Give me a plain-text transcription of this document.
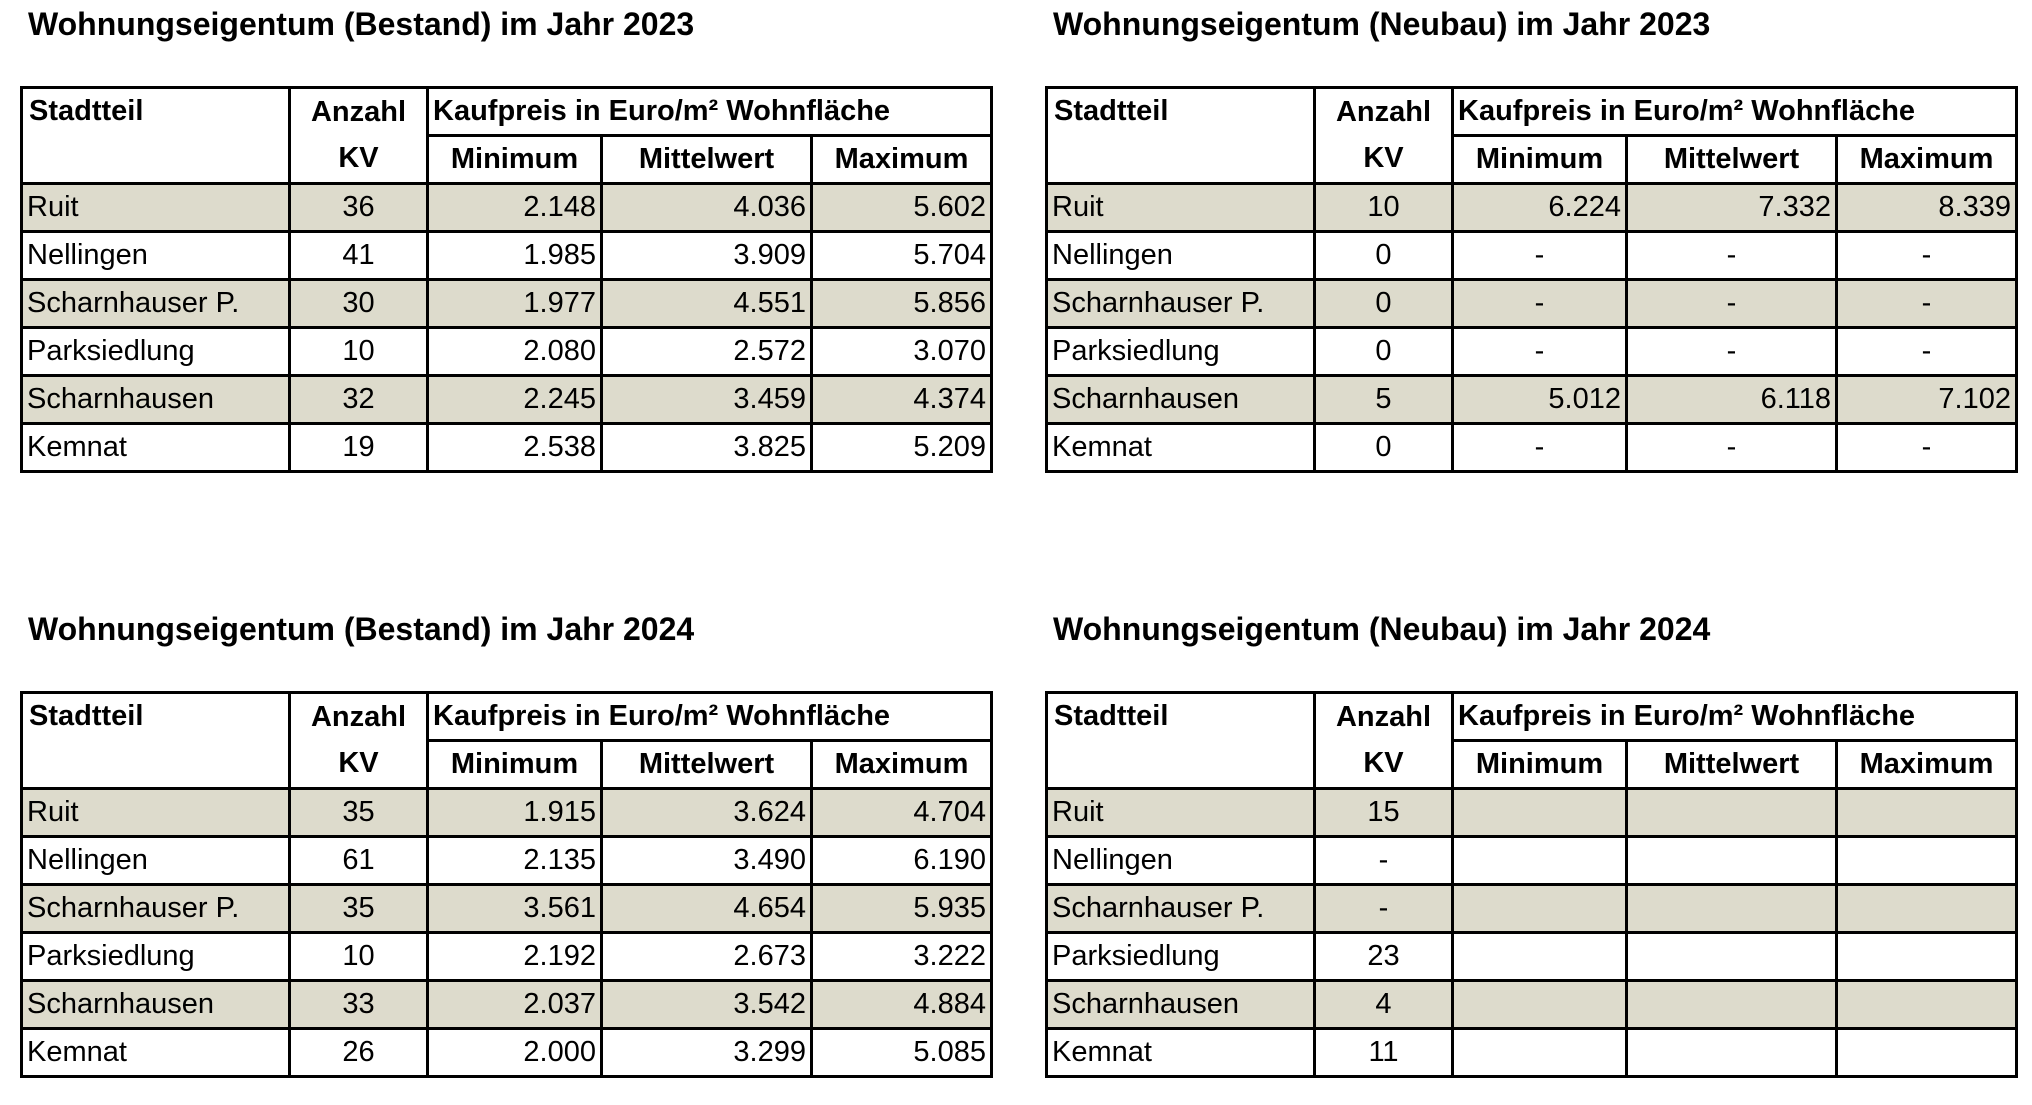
Wohnungseigentum (Bestand) im Jahr 2023
Stadtteil	Anzahl	Kaufpreis in Euro/m² Wohnfläche		
	KV	Minimum	Mittelwert	Maximum
Ruit	36	2.148	4.036	5.602
Nellingen	41	1.985	3.909	5.704
Scharnhauser P.	30	1.977	4.551	5.856
Parksiedlung	10	2.080	2.572	3.070
Scharnhausen	32	2.245	3.459	4.374
Kemnat	19	2.538	3.825	5.209
Wohnungseigentum (Neubau) im Jahr 2023
Stadtteil	Anzahl	Kaufpreis in Euro/m² Wohnfläche		
	KV	Minimum	Mittelwert	Maximum
Ruit	10	6.224	7.332	8.339
Nellingen	0	-	-	-
Scharnhauser P.	0	-	-	-
Parksiedlung	0	-	-	-
Scharnhausen	5	5.012	6.118	7.102
Kemnat	0	-	-	-
Wohnungseigentum (Bestand) im Jahr 2024
Stadtteil	Anzahl	Kaufpreis in Euro/m² Wohnfläche		
	KV	Minimum	Mittelwert	Maximum
Ruit	35	1.915	3.624	4.704
Nellingen	61	2.135	3.490	6.190
Scharnhauser P.	35	3.561	4.654	5.935
Parksiedlung	10	2.192	2.673	3.222
Scharnhausen	33	2.037	3.542	4.884
Kemnat	26	2.000	3.299	5.085
Wohnungseigentum (Neubau) im Jahr 2024
Stadtteil	Anzahl	Kaufpreis in Euro/m² Wohnfläche		
	KV	Minimum	Mittelwert	Maximum
Ruit	15			
Nellingen	-			
Scharnhauser P.	-			
Parksiedlung	23			
Scharnhausen	4			
Kemnat	11			
